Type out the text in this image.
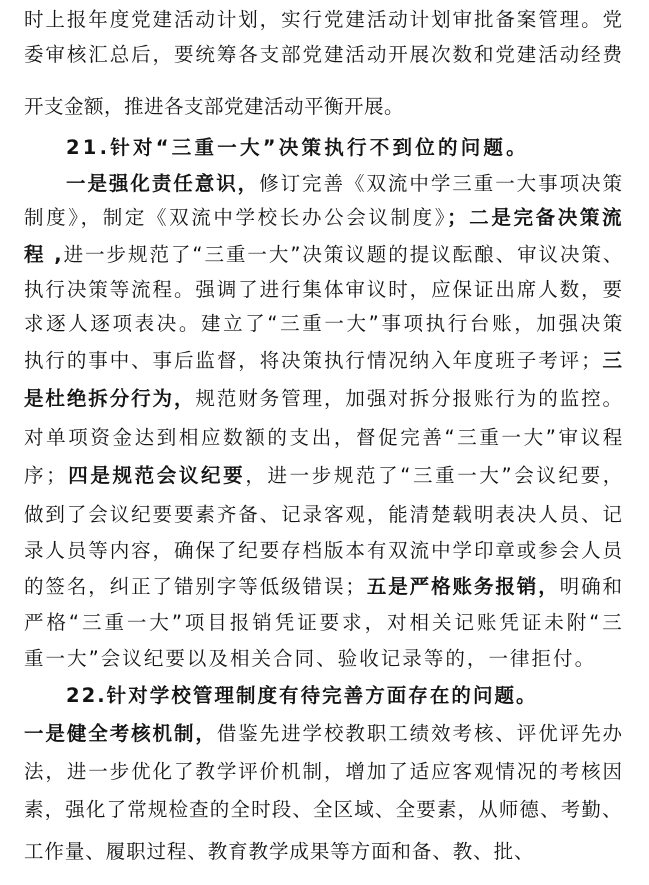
时上报年度党建活动计划，实行党建活动计划审批备案管理。党
委审核汇总后，要统筹各支部党建活动开展次数和党建活动经费
开支金额，推进各支部党建活动平衡开展。
21.针对“三重一大”决策执行不到位的问题。
一是强化责任意识，修订完善《双流中学三重一大事项决策
制度》，制定《双流中学校长办公会议制度》；二是完备决策流
程 ,进一步规范了“三重一大”决策议题的提议酝酿、审议决策、
执行决策等流程。强调了进行集体审议时，应保证出席人数，要
求逐人逐项表决。建立了“三重一大”事项执行台账，加强决策
执行的事中、事后监督，将决策执行情况纳入年度班子考评；三
是杜绝拆分行为，规范财务管理，加强对拆分报账行为的监控。
对单项资金达到相应数额的支出，督促完善“三重一大”审议程
序；四是规范会议纪要，进一步规范了“三重一大”会议纪要，
做到了会议纪要要素齐备、记录客观，能清楚载明表决人员、记
录人员等内容，确保了纪要存档版本有双流中学印章或参会人员
的签名，纠正了错别字等低级错误；五是严格账务报销，明确和
严格“三重一大”项目报销凭证要求，对相关记账凭证未附“三
重一大”会议纪要以及相关合同、验收记录等的，一律拒付。
22.针对学校管理制度有待完善方面存在的问题。
一是健全考核机制，借鉴先进学校教职工绩效考核、评优评先办
法，进一步优化了教学评价机制，增加了适应客观情况的考核因
素，强化了常规检查的全时段、全区域、全要素，从师德、考勤、
工作量、履职过程、教育教学成果等方面和备、教、批、
